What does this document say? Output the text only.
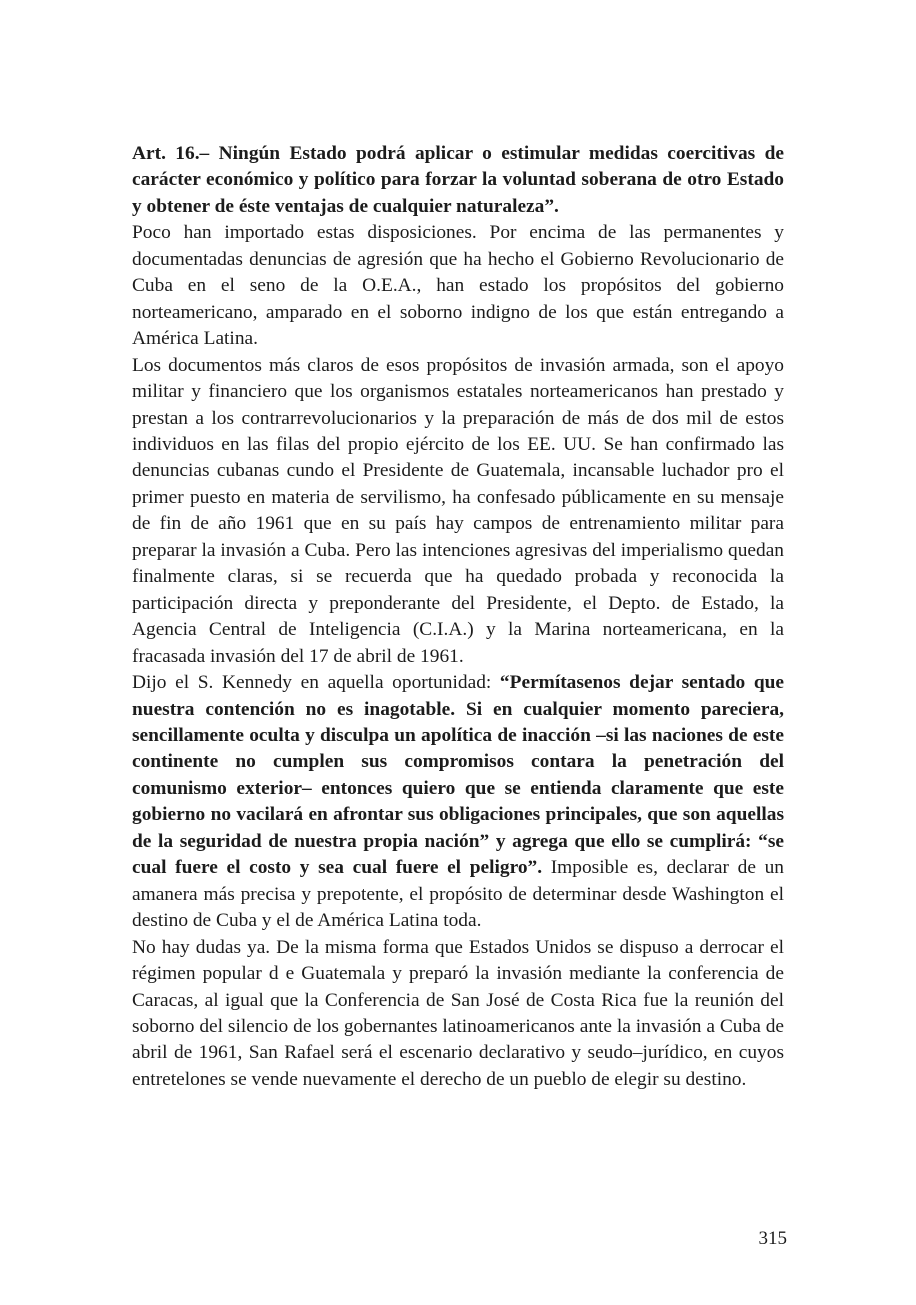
Art. 16.– Ningún Estado podrá aplicar o estimular medidas coercitivas de carácter económico y político para forzar la voluntad soberana de otro Estado y obtener de éste ventajas de cualquier naturaleza”.

Poco han importado estas disposiciones. Por encima de las permanentes y documentadas denuncias de agresión que ha hecho el Gobierno Revolucionario de Cuba en el seno de la O.E.A., han estado los propósitos del gobierno norteamericano, amparado en el soborno indigno de los que están entregando a América Latina.

Los documentos más claros de esos propósitos de invasión armada, son el apoyo militar y financiero que los organismos estatales norteamericanos han prestado y prestan a los contrarrevolucionarios y la preparación de más de dos mil de estos individuos en las filas del propio ejército de los EE. UU. Se han confirmado las denuncias cubanas cundo el Presidente de Guatemala, incansable luchador pro el primer puesto en materia de servilismo, ha confesado públicamente en su mensaje de fin de año 1961 que en su país hay campos de entrenamiento militar para preparar la invasión a Cuba. Pero las intenciones agresivas del imperialismo quedan finalmente claras, si se recuerda que ha quedado probada y reconocida la participación directa y preponderante del Presidente, el Depto. de Estado, la Agencia Central de Inteligencia (C.I.A.) y la Marina norteamericana, en la fracasada invasión del 17 de abril de 1961.

Dijo el S. Kennedy en aquella oportunidad: “Permítasenos dejar sentado que nuestra contención no es inagotable. Si en cualquier momento pareciera, sencillamente oculta y disculpa un apolítica de inacción –si las naciones de este continente no cumplen sus compromisos contara la penetración del comunismo exterior– entonces quiero que se entienda claramente que este gobierno no vacilará en afrontar sus obligaciones principales, que son aquellas de la seguridad de nuestra propia nación” y agrega que ello se cumplirá: “se cual fuere el costo y sea cual fuere el peligro”. Imposible es, declarar de un amanera más precisa y prepotente, el propósito de determinar desde Washington el destino de Cuba y el de América Latina toda.

No hay dudas ya. De la misma forma que Estados Unidos se dispuso a derrocar el régimen popular d e Guatemala y preparó la invasión mediante la conferencia de Caracas, al igual que la Conferencia de San José de Costa Rica fue la reunión del soborno del silencio de los gobernantes latinoamericanos ante la invasión a Cuba de abril de 1961, San Rafael será el escenario declarativo y seudo–jurídico, en cuyos entretelones se vende nuevamente el derecho de un pueblo de elegir su destino.

315
